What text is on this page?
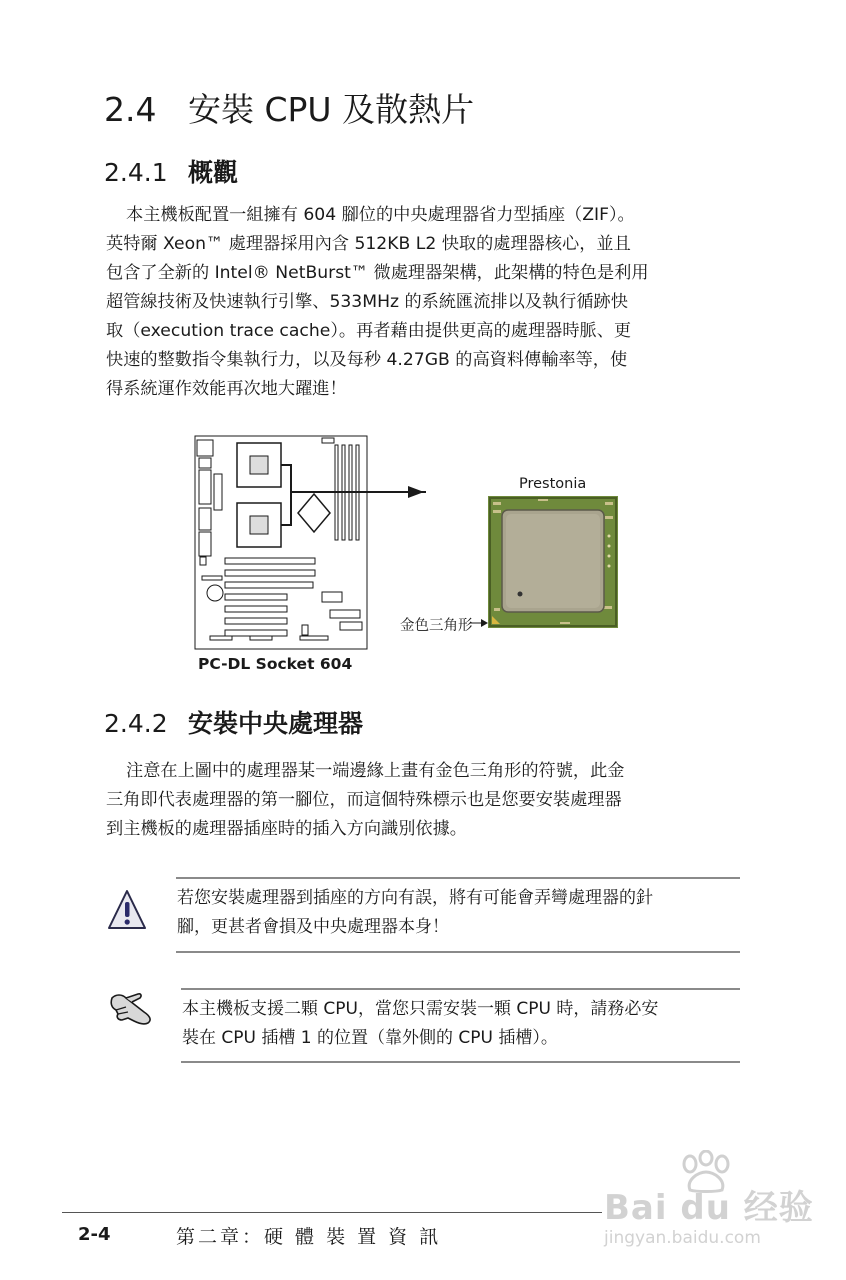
2.4 安裝 CPU 及散熱片
2.4.1 概觀

本主機板配置一組擁有 604 腳位的中央處理器省力型插座（ZIF）。

英特爾 Xeon™ 處理器採用內含 512KB L2 快取的處理器核心，並且

包含了全新的 Intel® NetBurst™ 微處理器架構，此架構的特色是利用

超管線技術及快速執行引擎、533MHz 的系統匯流排以及執行循跡快

取（execution trace cache）。再者藉由提供更高的處理器時脈、更

快速的整數指令集執行力，以及每秒 4.27GB 的高資料傳輸率等，使

得系統運作效能再次地大躍進！

PC-DL Socket 604
Prestonia
金色三角形
2.4.2 安裝中央處理器

注意在上圖中的處理器某一端邊緣上畫有金色三角形的符號，此金

三角即代表處理器的第一腳位，而這個特殊標示也是您要安裝處理器

到主機板的處理器插座時的插入方向識別依據。

若您安裝處理器到插座的方向有誤，將有可能會弄彎處理器的針
腳，更甚者會損及中央處理器本身！
本主機板支援二顆 CPU，當您只需安裝一顆 CPU 時，請務必安
裝在 CPU 插槽 1 的位置（靠外側的 CPU 插槽）。
2-4	第二章：硬 體 裝 置 資 訊
Bai du 经验
jingyan.baidu.com
